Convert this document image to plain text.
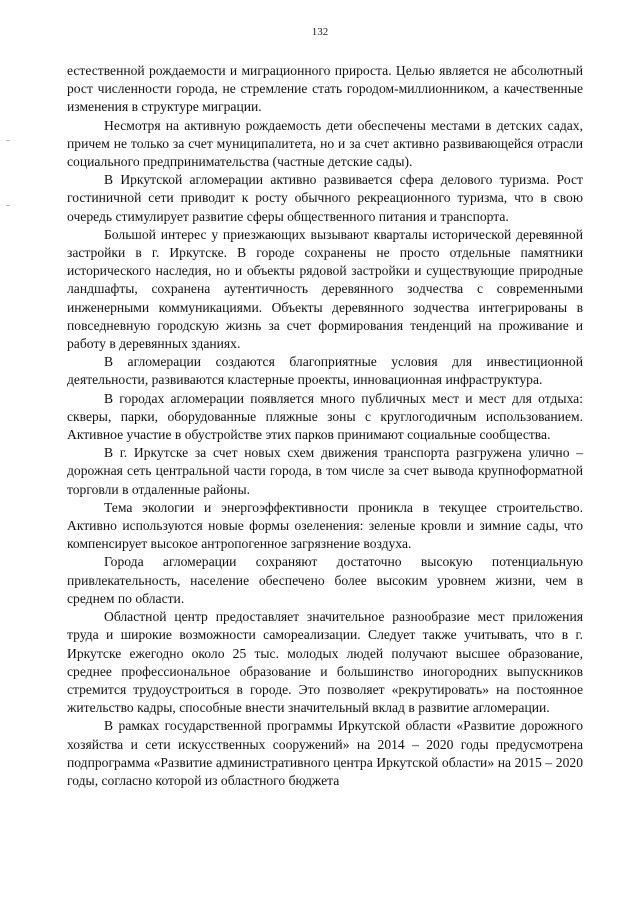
132

естественной рождаемости и миграционного прироста. Целью является не абсолютный рост численности города, не стремление стать городом-миллионником, а качественные изменения в структуре миграции.

Несмотря на активную рождаемость дети обеспечены местами в детских садах, причем не только за счет муниципалитета, но и за счет активно развивающейся отрасли социального предпринимательства (частные детские сады).

В Иркутской агломерации активно развивается сфера делового туризма. Рост гостиничной сети приводит к росту обычного рекреационного туризма, что в свою очередь стимулирует развитие сферы общественного питания и транспорта.

Большой интерес у приезжающих вызывают кварталы исторической деревянной застройки в г. Иркутске. В городе сохранены не просто отдельные памятники исторического наследия, но и объекты рядовой застройки и существующие природные ландшафты, сохранена аутентичность деревянного зодчества с современными инженерными коммуникациями. Объекты деревянного зодчества интегрированы в повседневную городскую жизнь за счет формирования тенденций на проживание и работу в деревянных зданиях.

В агломерации создаются благоприятные условия для инвестиционной деятельности, развиваются кластерные проекты, инновационная инфраструктура.

В городах агломерации появляется много публичных мест и мест для отдыха: скверы, парки, оборудованные пляжные зоны с круглогодичным использованием. Активное участие в обустройстве этих парков принимают социальные сообщества.

В г. Иркутске за счет новых схем движения транспорта разгружена улично –дорожная сеть центральной части города, в том числе за счет вывода крупноформатной торговли в отдаленные районы.

Тема экологии и энергоэффективности проникла в текущее строительство. Активно используются новые формы озеленения: зеленые кровли и зимние сады, что компенсирует высокое антропогенное загрязнение воздуха.

Города агломерации сохраняют достаточно высокую потенциальную привлекательность, население обеспечено более высоким уровнем жизни, чем в среднем по области.

Областной центр предоставляет значительное разнообразие мест приложения труда и широкие возможности самореализации. Следует также учитывать, что в г. Иркутске ежегодно около 25 тыс. молодых людей получают высшее образование, среднее профессиональное образование и большинство иногородних выпускников стремится трудоустроиться в городе. Это позволяет «рекрутировать» на постоянное жительство кадры, способные внести значительный вклад в развитие агломерации.

В рамках государственной программы Иркутской области «Развитие дорожного хозяйства и сети искусственных сооружений» на 2014 – 2020 годы предусмотрена подпрограмма «Развитие административного центра Иркутской области» на 2015 – 2020 годы, согласно которой из областного бюджета
